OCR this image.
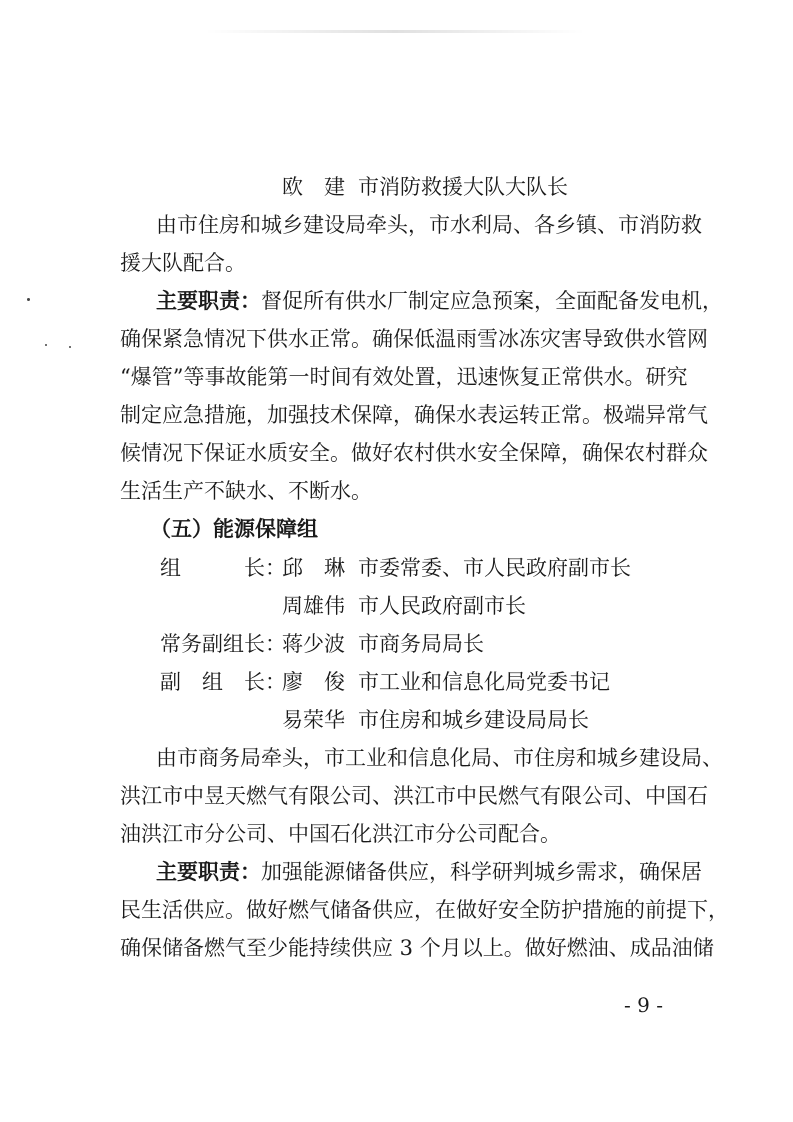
欧　建 市消防救援大队大队长
由市住房和城乡建设局牵头，市水利局、各乡镇、市消防救
援大队配合。
主要职责：督促所有供水厂制定应急预案，全面配备发电机，
确保紧急情况下供水正常。确保低温雨雪冰冻灾害导致供水管网
“爆管”等事故能第一时间有效处置，迅速恢复正常供水。研究
制定应急措施，加强技术保障，确保水表运转正常。极端异常气
候情况下保证水质安全。做好农村供水安全保障，确保农村群众
生活生产不缺水、不断水。
（五）能源保障组
组　　　长：
邱　琳 市委常委、市人民政府副市长
周雄伟 市人民政府副市长
常务副组长：
蒋少波 市商务局局长
副　组　长：
廖　俊 市工业和信息化局党委书记
易荣华 市住房和城乡建设局局长
由市商务局牵头，市工业和信息化局、市住房和城乡建设局、
洪江市中昱天燃气有限公司、洪江市中民燃气有限公司、中国石
油洪江市分公司、中国石化洪江市分公司配合。
主要职责：加强能源储备供应，科学研判城乡需求，确保居
民生活供应。做好燃气储备供应，在做好安全防护措施的前提下，
确保储备燃气至少能持续供应 3 个月以上。做好燃油、成品油储
- 9 -
